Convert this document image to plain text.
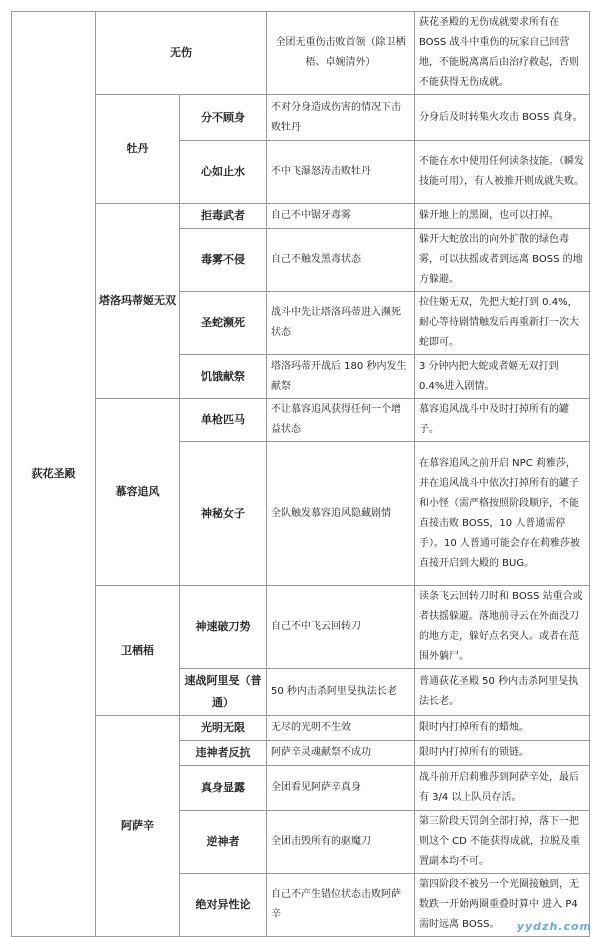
荻花圣殿	无伤		全团无重伤击败首领（除卫栖梧、卓婉清外）	荻花圣殿的无伤成就要求所有在 BOSS 战斗中重伤的玩家自己回营地，不能脱离离后由治疗救起，否则不能获得无伤成就。
	牡丹	分不顾身	不对分身造成伤害的情况下击败牡丹	分身后及时转集火攻击 BOSS 真身。
		心如止水	不中飞瀑怒涛击败牡丹	不能在水中使用任何读条技能。（瞬发技能可用），有人被推开则成就失败。
	塔洛玛蒂姬无双	拒毒武者	自己不中锯牙毒雾	躲开地上的黑圈，也可以打掉。
		毒雾不侵	自己不触发黑毒状态	躲开大蛇放出的向外扩散的绿色毒雾，可以扶摇或者到远离 BOSS 的地方躲避。
		圣蛇濒死	战斗中先让塔洛玛蒂进入濒死状态	拉住姬无双，先把大蛇打到 0.4%，耐心等待剧情触发后再重新打一次大蛇即可。
		饥饿献祭	塔洛玛蒂开战后 180 秒内发生献祭	3 分钟内把大蛇或者姬无双打到 0.4%进入剧情。
	慕容追风	单枪匹马	不让慕容追风获得任何一个增益状态	慕容追风战斗中及时打掉所有的罐子。
		神秘女子	全队触发慕容追风隐藏剧情	在慕容追风之前开启 NPC 莉雅莎，并在追风战斗中依次打掉所有的罐子和小怪（需严格按照阶段顺序，不能直接击败 BOSS，10 人普通需停手）。10 人普通可能会存在莉雅莎被直接开启到大殿的 BUG。
	卫栖梧	神速破刀势	自己不中飞云回转刀	读条飞云回转刀时和 BOSS 站重合或者扶摇躲避。落地前寻云在外面没刀的地方走，躲好点名突人。或者在范围外躺尸。
		速战阿里旻（普通）	50 秒内击杀阿里旻执法长老	普通荻花圣殿 50 秒内击杀阿里旻执法长老。
	阿萨辛	光明无限	无尽的光明不生效	限时内打掉所有的蜡烛。
		违神者反抗	阿萨辛灵魂献祭不成功	限时内打掉所有的锁链。
		真身显露	全团看见阿萨辛真身	战斗前开启莉雅莎到阿萨辛处，最后有 3/4 以上队员存活。
		逆神者	全团击毁所有的驱魔刀	第三阶段天罚剑全部打掉，落下一把则这个 CD 不能获得成就，拉脱及重置副本均不可。
		绝对异性论	自己不产生错位状态击败阿萨辛	第四阶段不被另一个光圈接触到，无数跌一开始两圈重叠时算中 进入 P4 需时远离 BOSS。 yydzh.com
